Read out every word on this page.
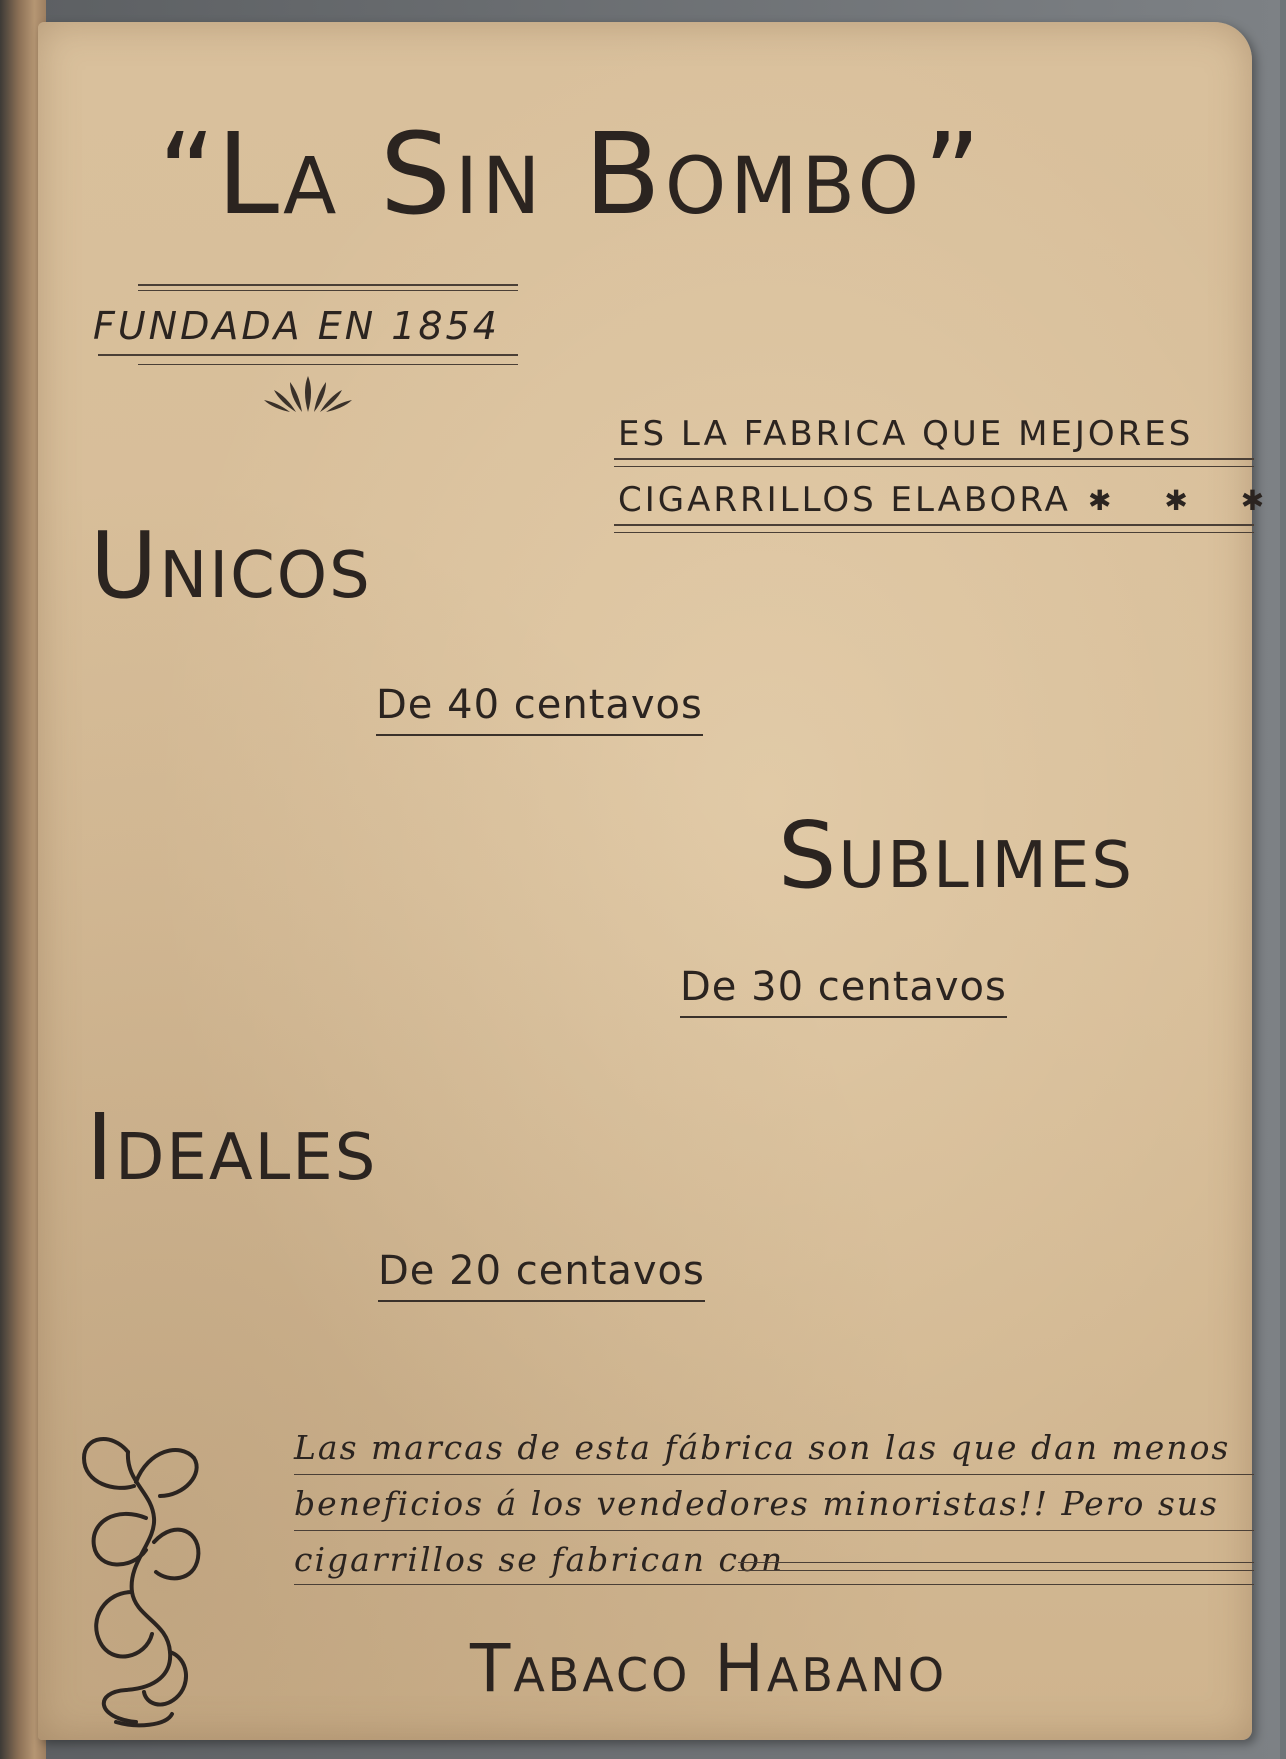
“La Sin Bombo”
FUNDADA EN 1854
ES LA FABRICA QUE MEJORES
CIGARRILLOS ELABORA ✱ ✱ ✱
Unicos
De 40 centavos
Sublimes
De 30 centavos
Ideales
De 20 centavos
Las marcas de esta fábrica son las que dan menos
beneficios á los vendedores minoristas!! Pero sus
cigarrillos se fabrican con
Tabaco Habano
